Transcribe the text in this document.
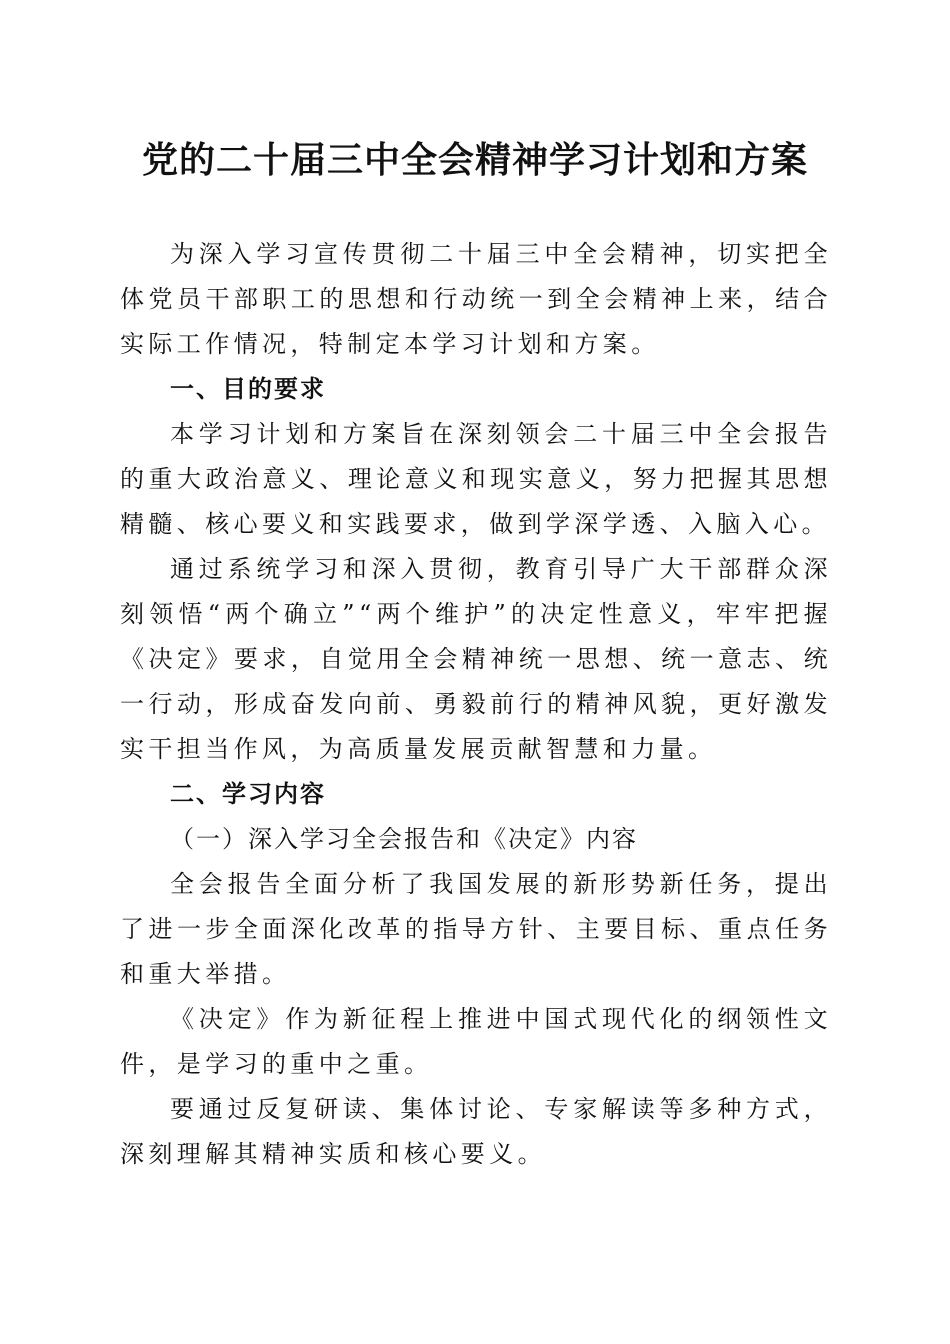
党的二十届三中全会精神学习计划和方案

为深入学习宣传贯彻二十届三中全会精神，切实把全体党员干部职工的思想和行动统一到全会精神上来，结合实际工作情况，特制定本学习计划和方案。

一、目的要求

本学习计划和方案旨在深刻领会二十届三中全会报告的重大政治意义、理论意义和现实意义，努力把握其思想精髓、核心要义和实践要求，做到学深学透、入脑入心。

通过系统学习和深入贯彻，教育引导广大干部群众深刻领悟“两个确立”“两个维护”的决定性意义，牢牢把握《决定》要求，自觉用全会精神统一思想、统一意志、统一行动，形成奋发向前、勇毅前行的精神风貌，更好激发实干担当作风，为高质量发展贡献智慧和力量。

二、学习内容

（一）深入学习全会报告和《决定》内容

全会报告全面分析了我国发展的新形势新任务，提出了进一步全面深化改革的指导方针、主要目标、重点任务和重大举措。

《决定》作为新征程上推进中国式现代化的纲领性文件，是学习的重中之重。

要通过反复研读、集体讨论、专家解读等多种方式，深刻理解其精神实质和核心要义。
